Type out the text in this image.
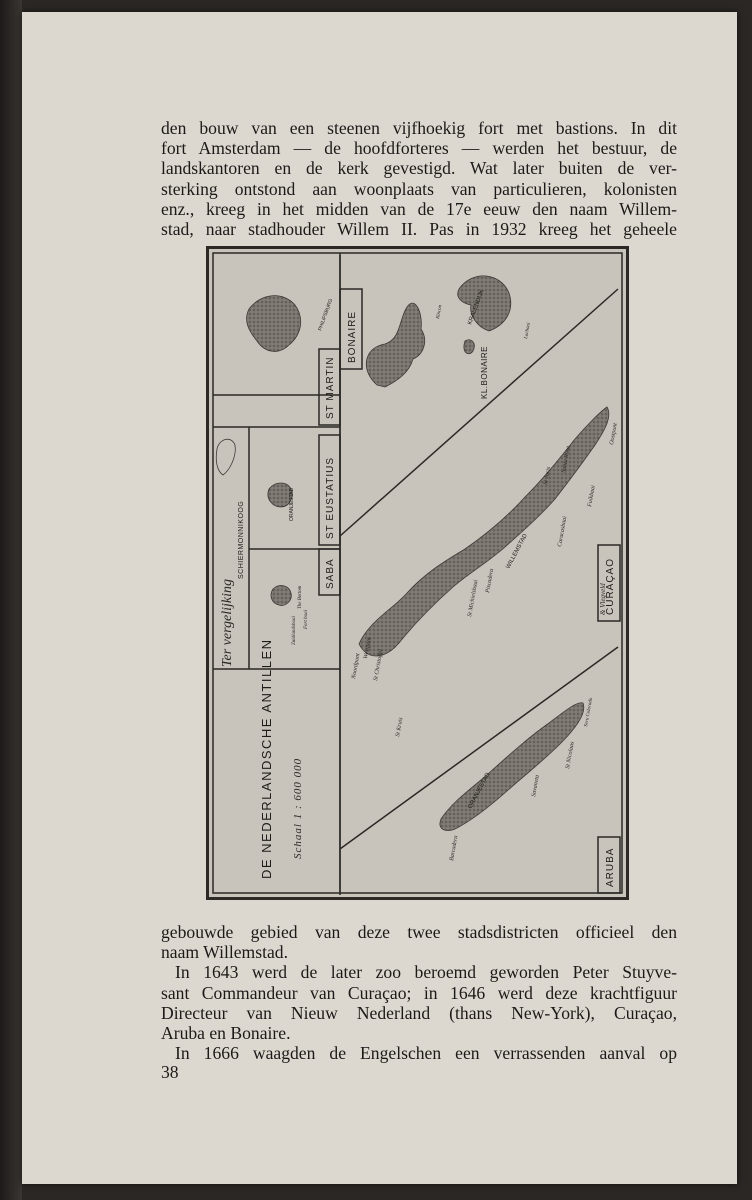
den bouw van een steenen vijfhoekig fort met bastions. In dit
fort Amsterdam — de hoofdforteres — werden het bestuur, de
landskantoren en de kerk gevestigd. Wat later buiten de ver-
sterking ontstond aan woonplaats van particulieren, kolonisten
enz., kreeg in het midden van de 17e eeuw den naam Willem-
stad, naar stadhouder Willem II. Pas in 1932 kreeg het geheele
DE NEDERLANDSCHE ANTILLEN Schaal 1 : 600 000
Ter vergelijking
SCHIERMONNIKOOG
ST MARTIN
ST EUSTATIUS
SABA
BONAIRE
KL.BONAIRE
CURAÇAO
& Vlegveld
ARUBA
WILLEMSTAD
ORANJESTAD
ORANJESTAD
KRALENDIJK
PHILIPSBURG
St Christoffel
Westpunt
Noordpunt
St Nicolaas
Savaneta
St Kruis
St Joris
Santa Rosa
Piscadera
St Michielsbaai
Caracasbaai
Fuikbaai
Oostpunt
Barcadera
The Bottom
Fort baai
Zuidlandsbaai
Rincon
Lacbaai
Seru Colorado
gebouwde gebied van deze twee stadsdistricten officieel den
naam Willemstad.
In 1643 werd de later zoo beroemd geworden Peter Stuyve-
sant Commandeur van Curaçao; in 1646 werd deze krachtfiguur
Directeur van Nieuw Nederland (thans New-York), Curaçao,
Aruba en Bonaire.
In 1666 waagden de Engelschen een verrassenden aanval op
38
